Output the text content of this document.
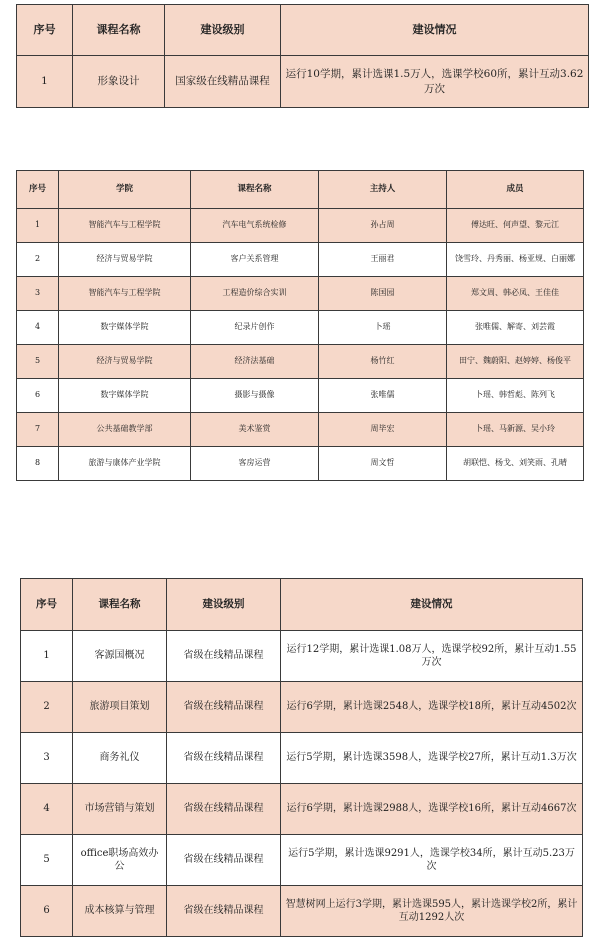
序号	课程名称	建设级别	建设情况
1	形象设计	国家级在线精品课程	运行10学期，累计选课1.5万人，选课学校60所，累计互动3.62万次
序号	学院	课程名称	主持人	成员
1	智能汽车与工程学院	汽车电气系统检修	孙占周	傅达旺、何声望、黎元江
2	经济与贸易学院	客户关系管理	王丽君	饶雪玲、丹秀丽、杨亚规、白丽娜
3	智能汽车与工程学院	工程造价综合实训	陈国园	郑文周、韩必凤、王佳佳
4	数字媒体学院	纪录片创作	卜瑶	张唯儒、解寄、刘芸霞
5	经济与贸易学院	经济法基础	杨竹红	田宁、魏蔚阳、赵婷婷、杨俊平
6	数字媒体学院	摄影与摄像	张唯儒	卜瑶、韩哲彪、陈列飞
7	公共基础教学部	美术鉴赏	周毕宏	卜瑶、马新源、吴小玲
8	旅游与康体产业学院	客房运营	周文哲	胡联恺、杨戈、刘笑雨、孔晴
序号	课程名称	建设级别	建设情况
1	客源国概况	省级在线精品课程	运行12学期，累计选课1.08万人，选课学校92所，累计互动1.55万次
2	旅游项目策划	省级在线精品课程	运行6学期，累计选课2548人，选课学校18所，累计互动4502次
3	商务礼仪	省级在线精品课程	运行5学期，累计选课3598人，选课学校27所，累计互动1.3万次
4	市场营销与策划	省级在线精品课程	运行6学期，累计选课2988人，选课学校16所，累计互动4667次
5	office职场高效办公	省级在线精品课程	运行5学期，累计选课9291人，选课学校34所，累计互动5.23万次
6	成本核算与管理	省级在线精品课程	智慧树网上运行3学期，累计选课595人，累计选课学校2所，累计互动1292人次
